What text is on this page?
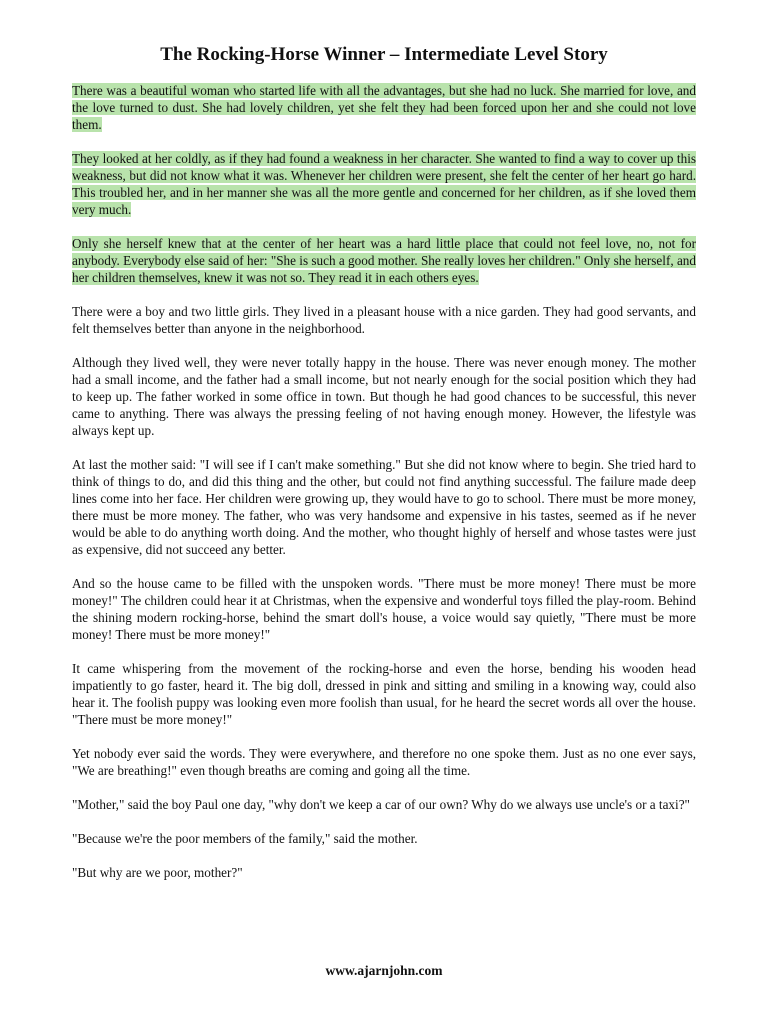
The Rocking-Horse Winner – Intermediate Level Story

There was a beautiful woman who started life with all the advantages, but she had no luck. She married for love, and the love turned to dust. She had lovely children, yet she felt they had been forced upon her and she could not love them.

They looked at her coldly, as if they had found a weakness in her character. She wanted to find a way to cover up this weakness, but did not know what it was. Whenever her children were present, she felt the center of her heart go hard. This troubled her, and in her manner she was all the more gentle and concerned for her children, as if she loved them very much.

Only she herself knew that at the center of her heart was a hard little place that could not feel love, no, not for anybody. Everybody else said of her: "She is such a good mother. She really loves her children." Only she herself, and her children themselves, knew it was not so. They read it in each others eyes.

There were a boy and two little girls. They lived in a pleasant house with a nice garden. They had good servants, and felt themselves better than anyone in the neighborhood.

Although they lived well, they were never totally happy in the house. There was never enough money. The mother had a small income, and the father had a small income, but not nearly enough for the social position which they had to keep up. The father worked in some office in town. But though he had good chances to be successful, this never came to anything. There was always the pressing feeling of not having enough money. However, the lifestyle was always kept up.

At last the mother said: "I will see if I can't make something." But she did not know where to begin. She tried hard to think of things to do, and did this thing and the other, but could not find anything successful. The failure made deep lines come into her face. Her children were growing up, they would have to go to school. There must be more money, there must be more money. The father, who was very handsome and expensive in his tastes, seemed as if he never would be able to do anything worth doing. And the mother, who thought highly of herself and whose tastes were just as expensive, did not succeed any better.

And so the house came to be filled with the unspoken words. "There must be more money! There must be more money!" The children could hear it at Christmas, when the expensive and wonderful toys filled the play-room. Behind the shining modern rocking-horse, behind the smart doll's house, a voice would say quietly, "There must be more money! There must be more money!"

It came whispering from the movement of the rocking-horse and even the horse, bending his wooden head impatiently to go faster, heard it. The big doll, dressed in pink and sitting and smiling in a knowing way, could also hear it. The foolish puppy was looking even more foolish than usual, for he heard the secret words all over the house. "There must be more money!"

Yet nobody ever said the words. They were everywhere, and therefore no one spoke them. Just as no one ever says, "We are breathing!" even though breaths are coming and going all the time.

"Mother," said the boy Paul one day, "why don't we keep a car of our own? Why do we always use uncle's or a taxi?"

"Because we're the poor members of the family," said the mother.

"But why are we poor, mother?"

www.ajarnjohn.com
